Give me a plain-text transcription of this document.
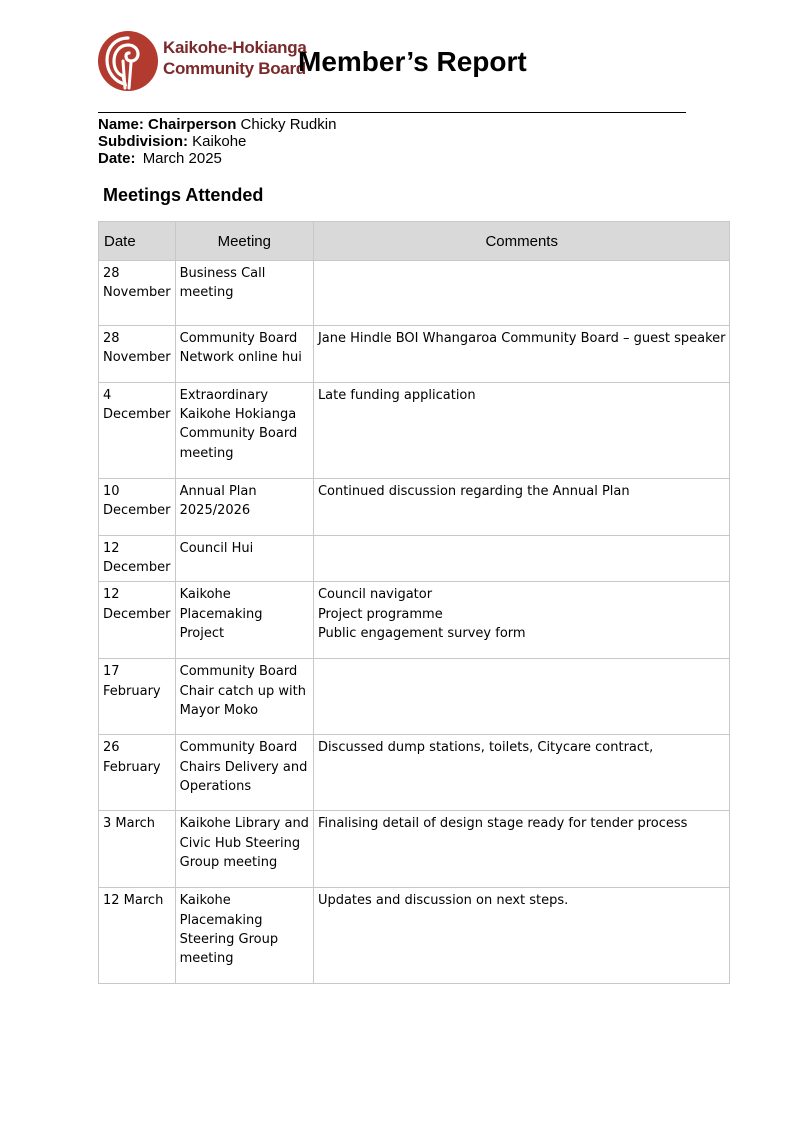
Kaikohe-Hokianga
Community Board
Member’s Report
Name: Chairperson Chicky Rudkin
Subdivision: Kaikohe
Date: March 2025
Meetings Attended
Date	Meeting	Comments
28 November	Business Call
meeting	

28 November	Community Board
Network online hui	Jane Hindle BOI Whangaroa Community Board – guest speaker

4 December	Extraordinary
Kaikohe Hokianga
Community Board
meeting	Late funding application

10 December	Annual Plan
2025/2026	Continued discussion regarding the Annual Plan

12 December	Council Hui	

12 December	Kaikohe
Placemaking
Project	Council navigator
Project programme
Public engagement survey form

17 February	Community Board
Chair catch up with
Mayor Moko	

26 February	Community Board
Chairs Delivery and
Operations	Discussed dump stations, toilets, Citycare contract,

3 March	Kaikohe Library and
Civic Hub Steering
Group meeting	Finalising detail of design stage ready for tender process

12 March	Kaikohe
Placemaking
Steering Group
meeting	Updates and discussion on next steps.
